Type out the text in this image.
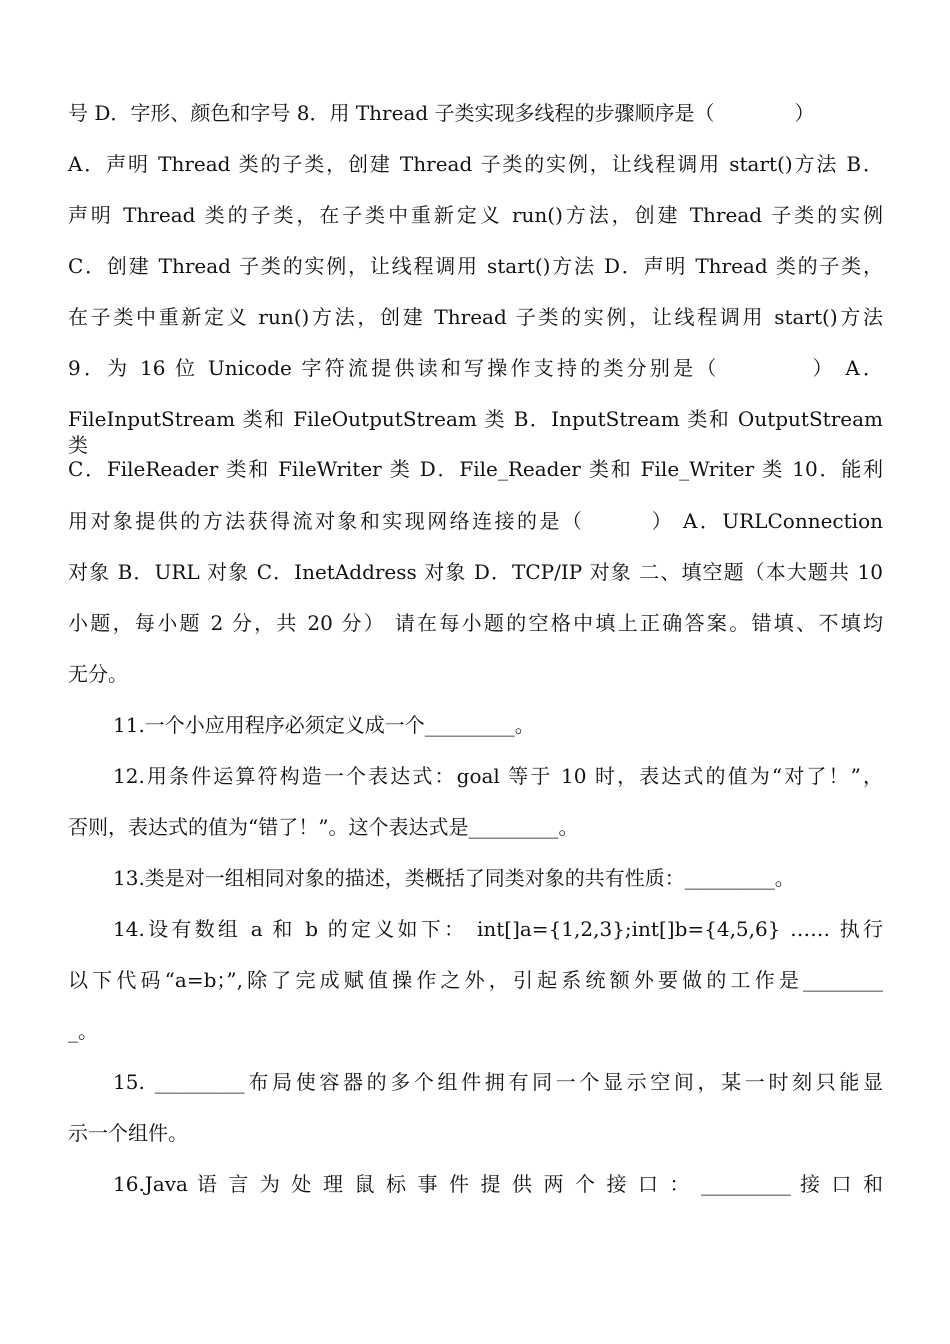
号 D．字形、颜色和字号 8．用 Thread 子类实现多线程的步骤顺序是（　　　　）
A．声明 Thread 类的子类，创建 Thread 子类的实例，让线程调用 start()方法 B．
声明 Thread 类的子类，在子类中重新定义 run()方法，创建 Thread 子类的实例
C．创建 Thread 子类的实例，让线程调用 start()方法 D．声明 Thread 类的子类，
在子类中重新定义 run()方法，创建 Thread 子类的实例，让线程调用 start()方法
9．为 16 位 Unicode 字符流提供读和写操作支持的类分别是（　　　　） A．
FileInputStream 类和 FileOutputStream 类 B．InputStream 类和 OutputStream 类
C．FileReader 类和 FileWriter 类 D．File_Reader 类和 File_Writer 类 10．能利
用对象提供的方法获得流对象和实现网络连接的是（　　　） A．URLConnection
对象 B．URL 对象 C．InetAddress 对象 D．TCP/IP 对象 二、填空题（本大题共 10
小题，每小题 2 分，共 20 分） 请在每小题的空格中填上正确答案。错填、不填均
无分。
11.一个小应用程序必须定义成一个_________。
12.用条件运算符构造一个表达式：goal 等于 10 时，表达式的值为“对了！”，
否则，表达式的值为“错了！”。这个表达式是_________。
13.类是对一组相同对象的描述，类概括了同类对象的共有性质：_________。
14.设有数组 a 和 b 的定义如下： int[]a={1,2,3};int[]b={4,5,6} …… 执行
以下代码“a=b；”,除了完成赋值操作之外，引起系统额外要做的工作是________
_。
15. _________布局使容器的多个组件拥有同一个显示空间，某一时刻只能显
示一个组件。
16.Java 语 言 为 处 理 鼠 标 事 件 提 供 两 个 接 口 ： _________ 接 口 和
